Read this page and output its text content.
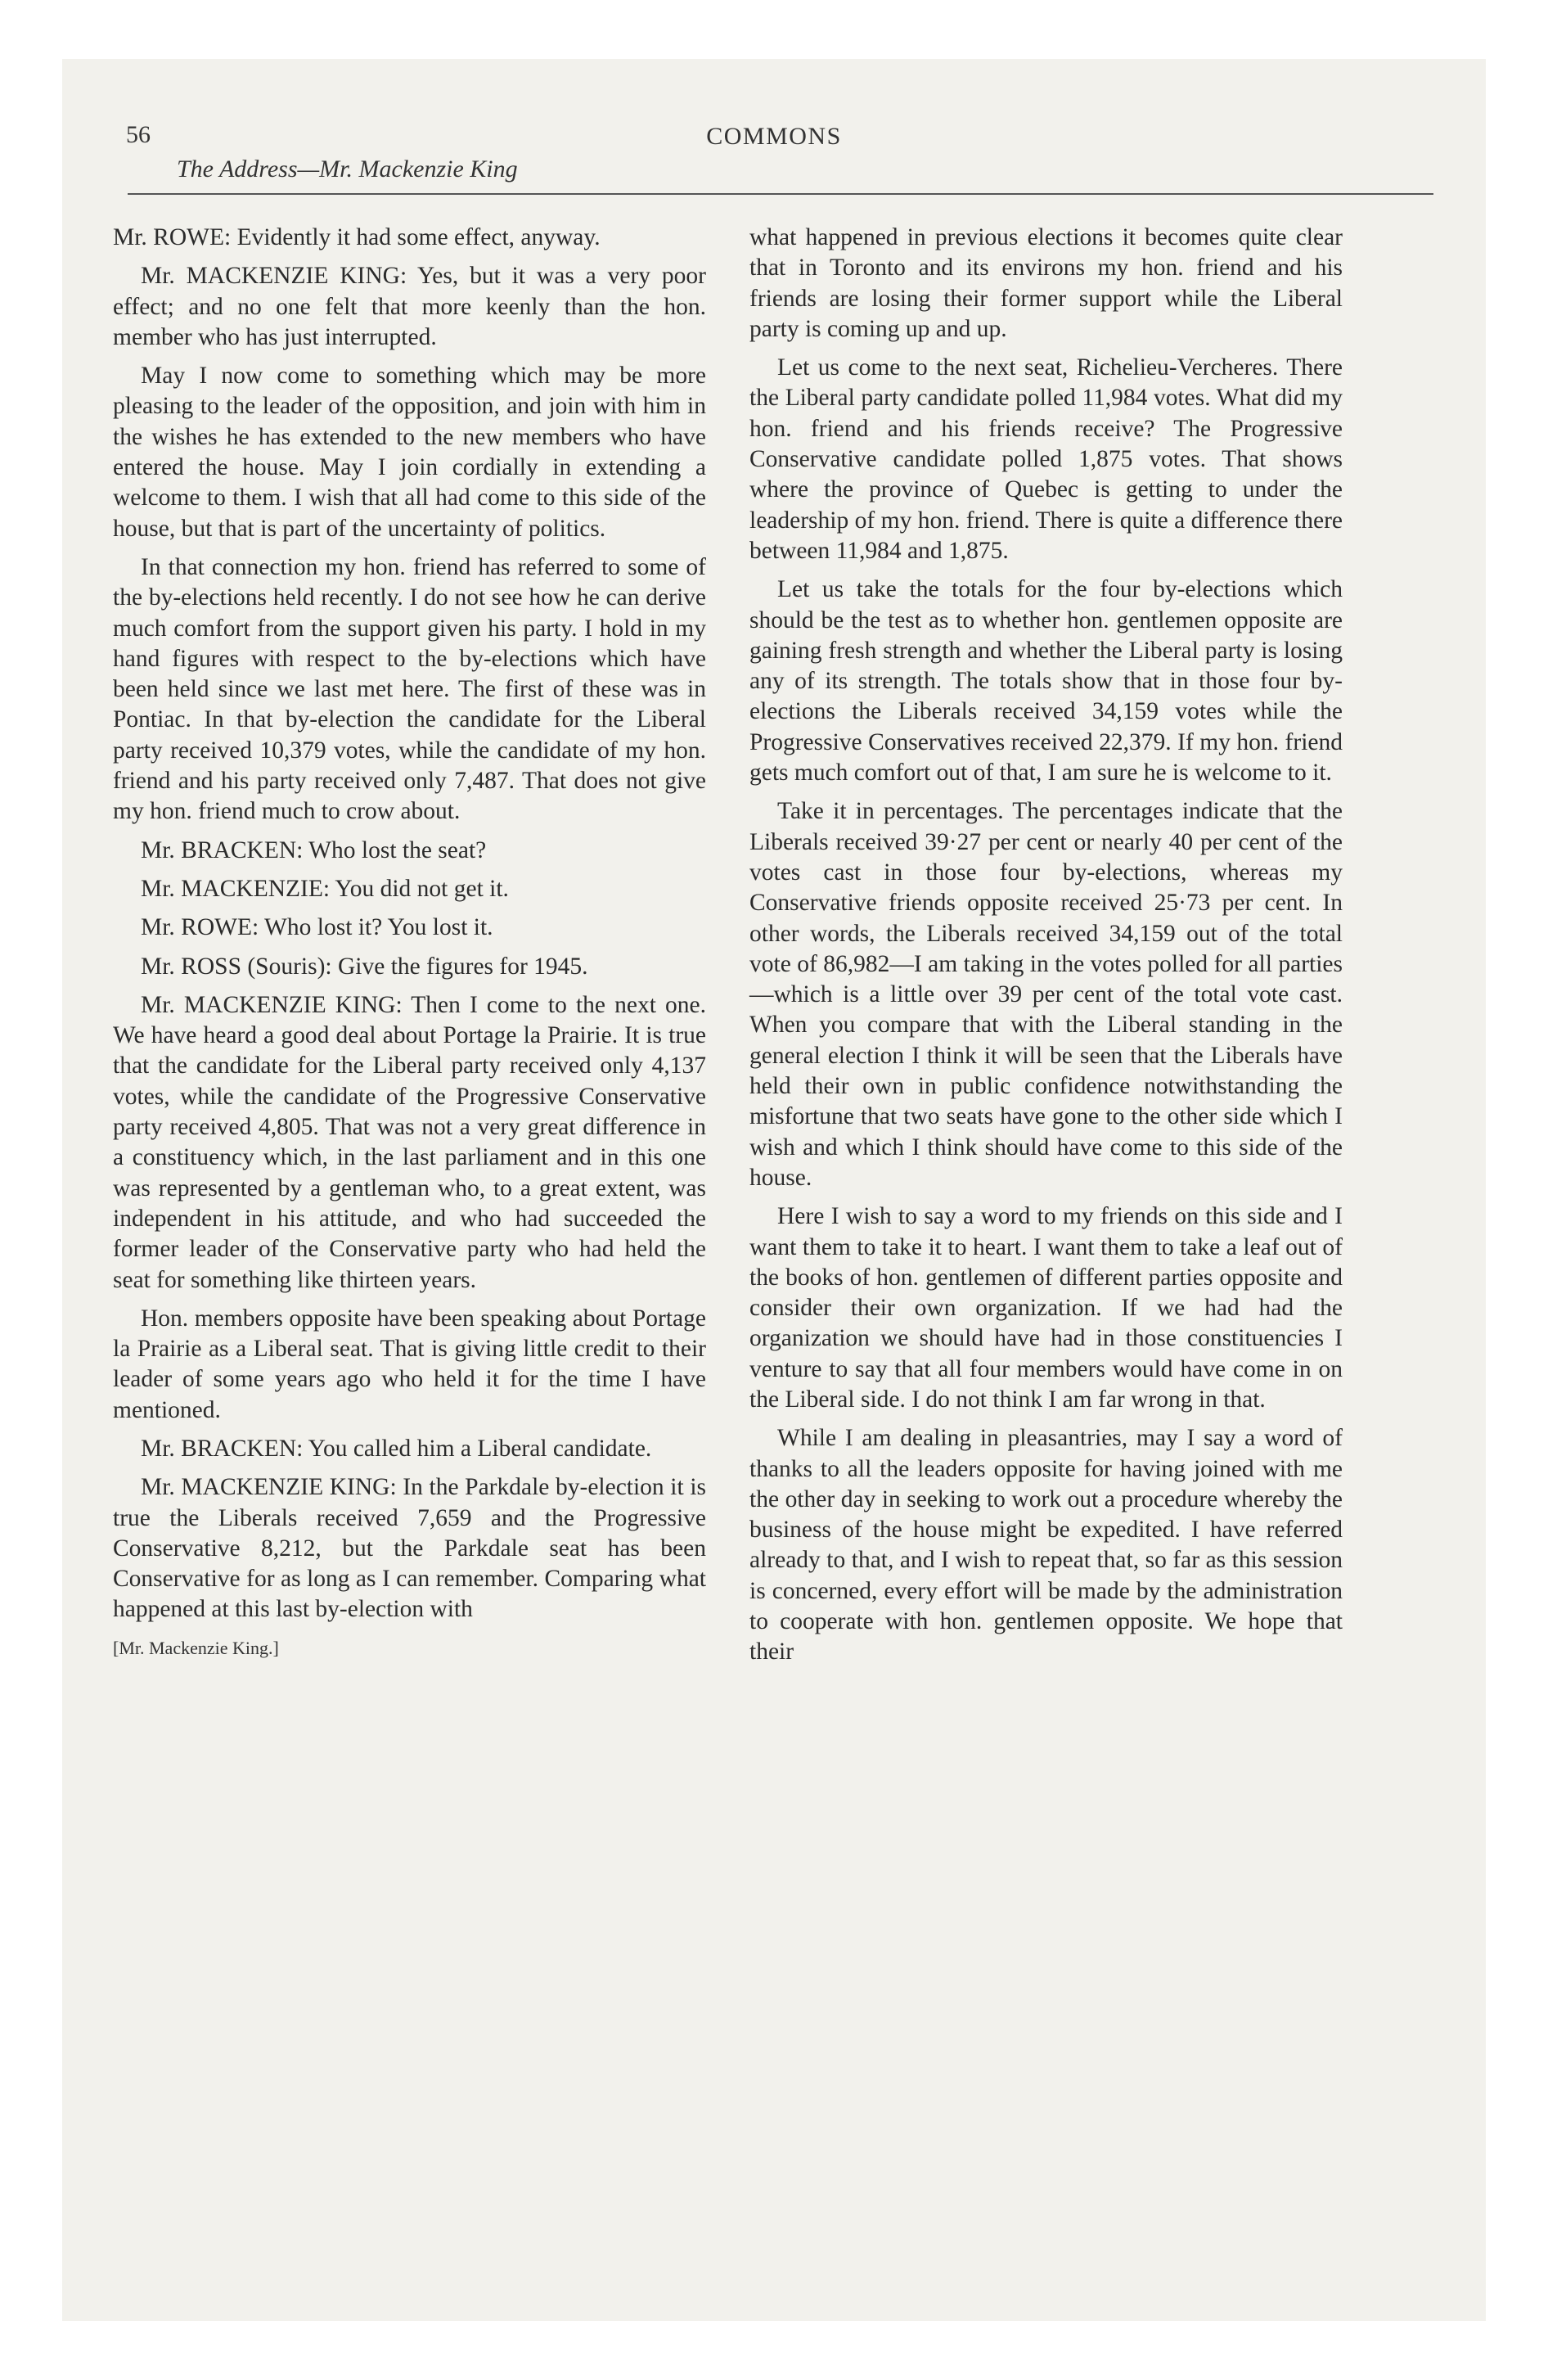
56	COMMONS
The Address—Mr. Mackenzie King

Mr. ROWE: Evidently it had some effect, anyway.

Mr. MACKENZIE KING: Yes, but it was a very poor effect; and no one felt that more keenly than the hon. member who has just interrupted.

May I now come to something which may be more pleasing to the leader of the opposition, and join with him in the wishes he has extended to the new members who have entered the house. May I join cordially in extending a welcome to them. I wish that all had come to this side of the house, but that is part of the uncertainty of politics.

In that connection my hon. friend has referred to some of the by-elections held recently. I do not see how he can derive much comfort from the support given his party. I hold in my hand figures with respect to the by-elections which have been held since we last met here. The first of these was in Pontiac. In that by-election the candidate for the Liberal party received 10,379 votes, while the candidate of my hon. friend and his party received only 7,487. That does not give my hon. friend much to crow about.

Mr. BRACKEN: Who lost the seat?

Mr. MACKENZIE: You did not get it.

Mr. ROWE: Who lost it? You lost it.

Mr. ROSS (Souris): Give the figures for 1945.

Mr. MACKENZIE KING: Then I come to the next one. We have heard a good deal about Portage la Prairie. It is true that the candidate for the Liberal party received only 4,137 votes, while the candidate of the Progressive Conservative party received 4,805. That was not a very great difference in a constituency which, in the last parliament and in this one was represented by a gentleman who, to a great extent, was independent in his attitude, and who had succeeded the former leader of the Conservative party who had held the seat for something like thirteen years.

Hon. members opposite have been speaking about Portage la Prairie as a Liberal seat. That is giving little credit to their leader of some years ago who held it for the time I have mentioned.

Mr. BRACKEN: You called him a Liberal candidate.

Mr. MACKENZIE KING: In the Parkdale by-election it is true the Liberals received 7,659 and the Progressive Conservative 8,212, but the Parkdale seat has been Conservative for as long as I can remember. Comparing what happened at this last by-election with

[Mr. Mackenzie King.]

what happened in previous elections it becomes quite clear that in Toronto and its environs my hon. friend and his friends are losing their former support while the Liberal party is coming up and up.

Let us come to the next seat, Richelieu-Vercheres. There the Liberal party candidate polled 11,984 votes. What did my hon. friend and his friends receive? The Progressive Conservative candidate polled 1,875 votes. That shows where the province of Quebec is getting to under the leadership of my hon. friend. There is quite a difference there between 11,984 and 1,875.

Let us take the totals for the four by-elections which should be the test as to whether hon. gentlemen opposite are gaining fresh strength and whether the Liberal party is losing any of its strength. The totals show that in those four by-elections the Liberals received 34,159 votes while the Progressive Conservatives received 22,379. If my hon. friend gets much comfort out of that, I am sure he is welcome to it.

Take it in percentages. The percentages indicate that the Liberals received 39·27 per cent or nearly 40 per cent of the votes cast in those four by-elections, whereas my Conservative friends opposite received 25·73 per cent. In other words, the Liberals received 34,159 out of the total vote of 86,982—I am taking in the votes polled for all parties—which is a little over 39 per cent of the total vote cast. When you compare that with the Liberal standing in the general election I think it will be seen that the Liberals have held their own in public confidence notwithstanding the misfortune that two seats have gone to the other side which I wish and which I think should have come to this side of the house.

Here I wish to say a word to my friends on this side and I want them to take it to heart. I want them to take a leaf out of the books of hon. gentlemen of different parties opposite and consider their own organization. If we had had the organization we should have had in those constituencies I venture to say that all four members would have come in on the Liberal side. I do not think I am far wrong in that.

While I am dealing in pleasantries, may I say a word of thanks to all the leaders opposite for having joined with me the other day in seeking to work out a procedure whereby the business of the house might be expedited. I have referred already to that, and I wish to repeat that, so far as this session is concerned, every effort will be made by the administration to cooperate with hon. gentlemen opposite. We hope that their
